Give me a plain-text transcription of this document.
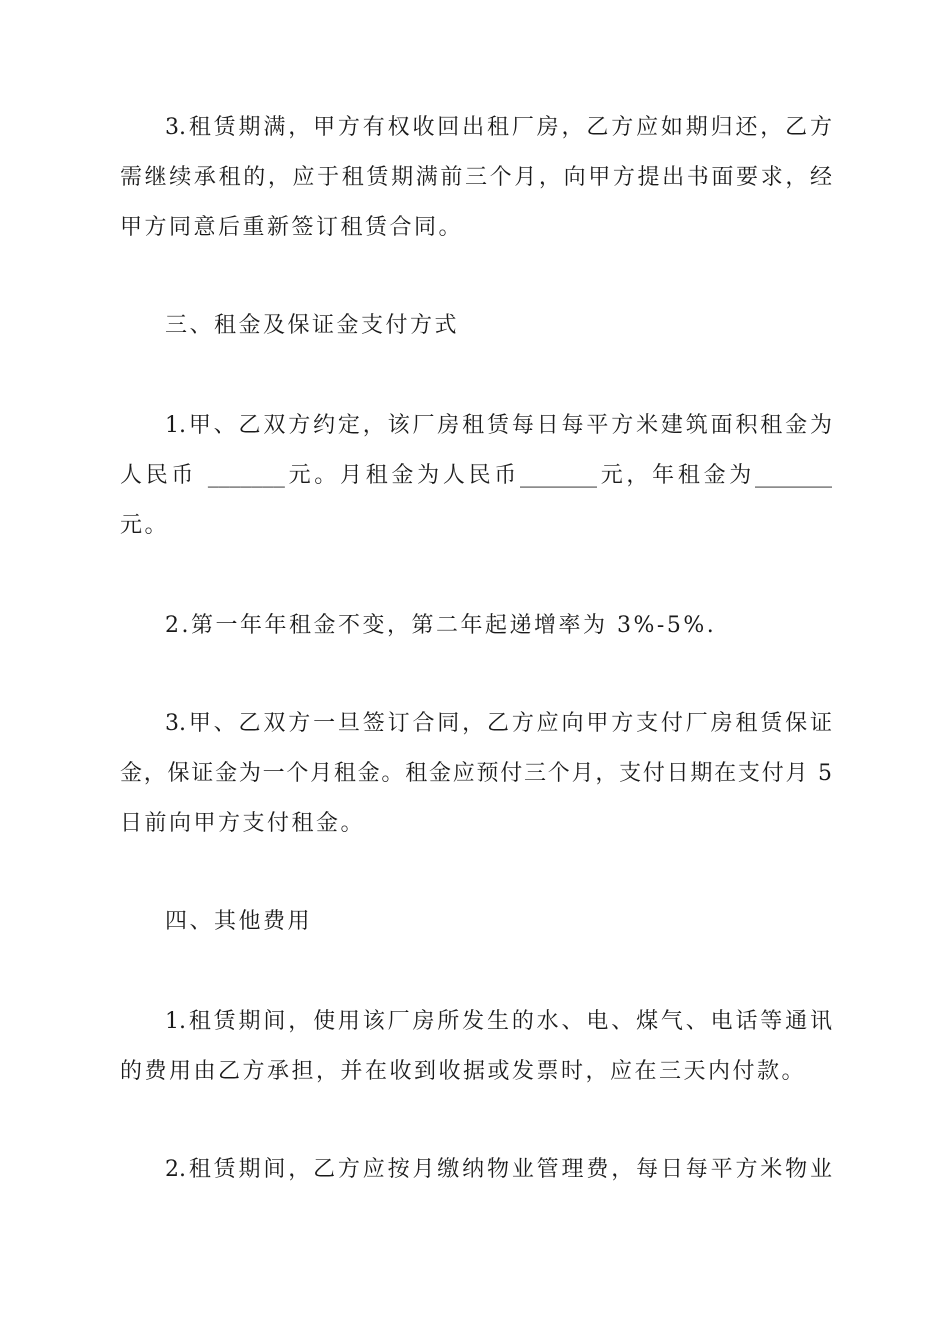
3.租赁期满，甲方有权收回出租厂房，乙方应如期归还，乙方
需继续承租的，应于租赁期满前三个月，向甲方提出书面要求，经
甲方同意后重新签订租赁合同。
三、租金及保证金支付方式
1.甲、乙双方约定，该厂房租赁每日每平方米建筑面积租金为
人民币 _______元。月租金为人民币_______元，年租金为_______
元。
2.第一年年租金不变，第二年起递增率为 3%-5%.
3.甲、乙双方一旦签订合同，乙方应向甲方支付厂房租赁保证
金，保证金为一个月租金。租金应预付三个月，支付日期在支付月 5
日前向甲方支付租金。
四、其他费用
1.租赁期间，使用该厂房所发生的水、电、煤气、电话等通讯
的费用由乙方承担，并在收到收据或发票时，应在三天内付款。
2.租赁期间，乙方应按月缴纳物业管理费，每日每平方米物业
